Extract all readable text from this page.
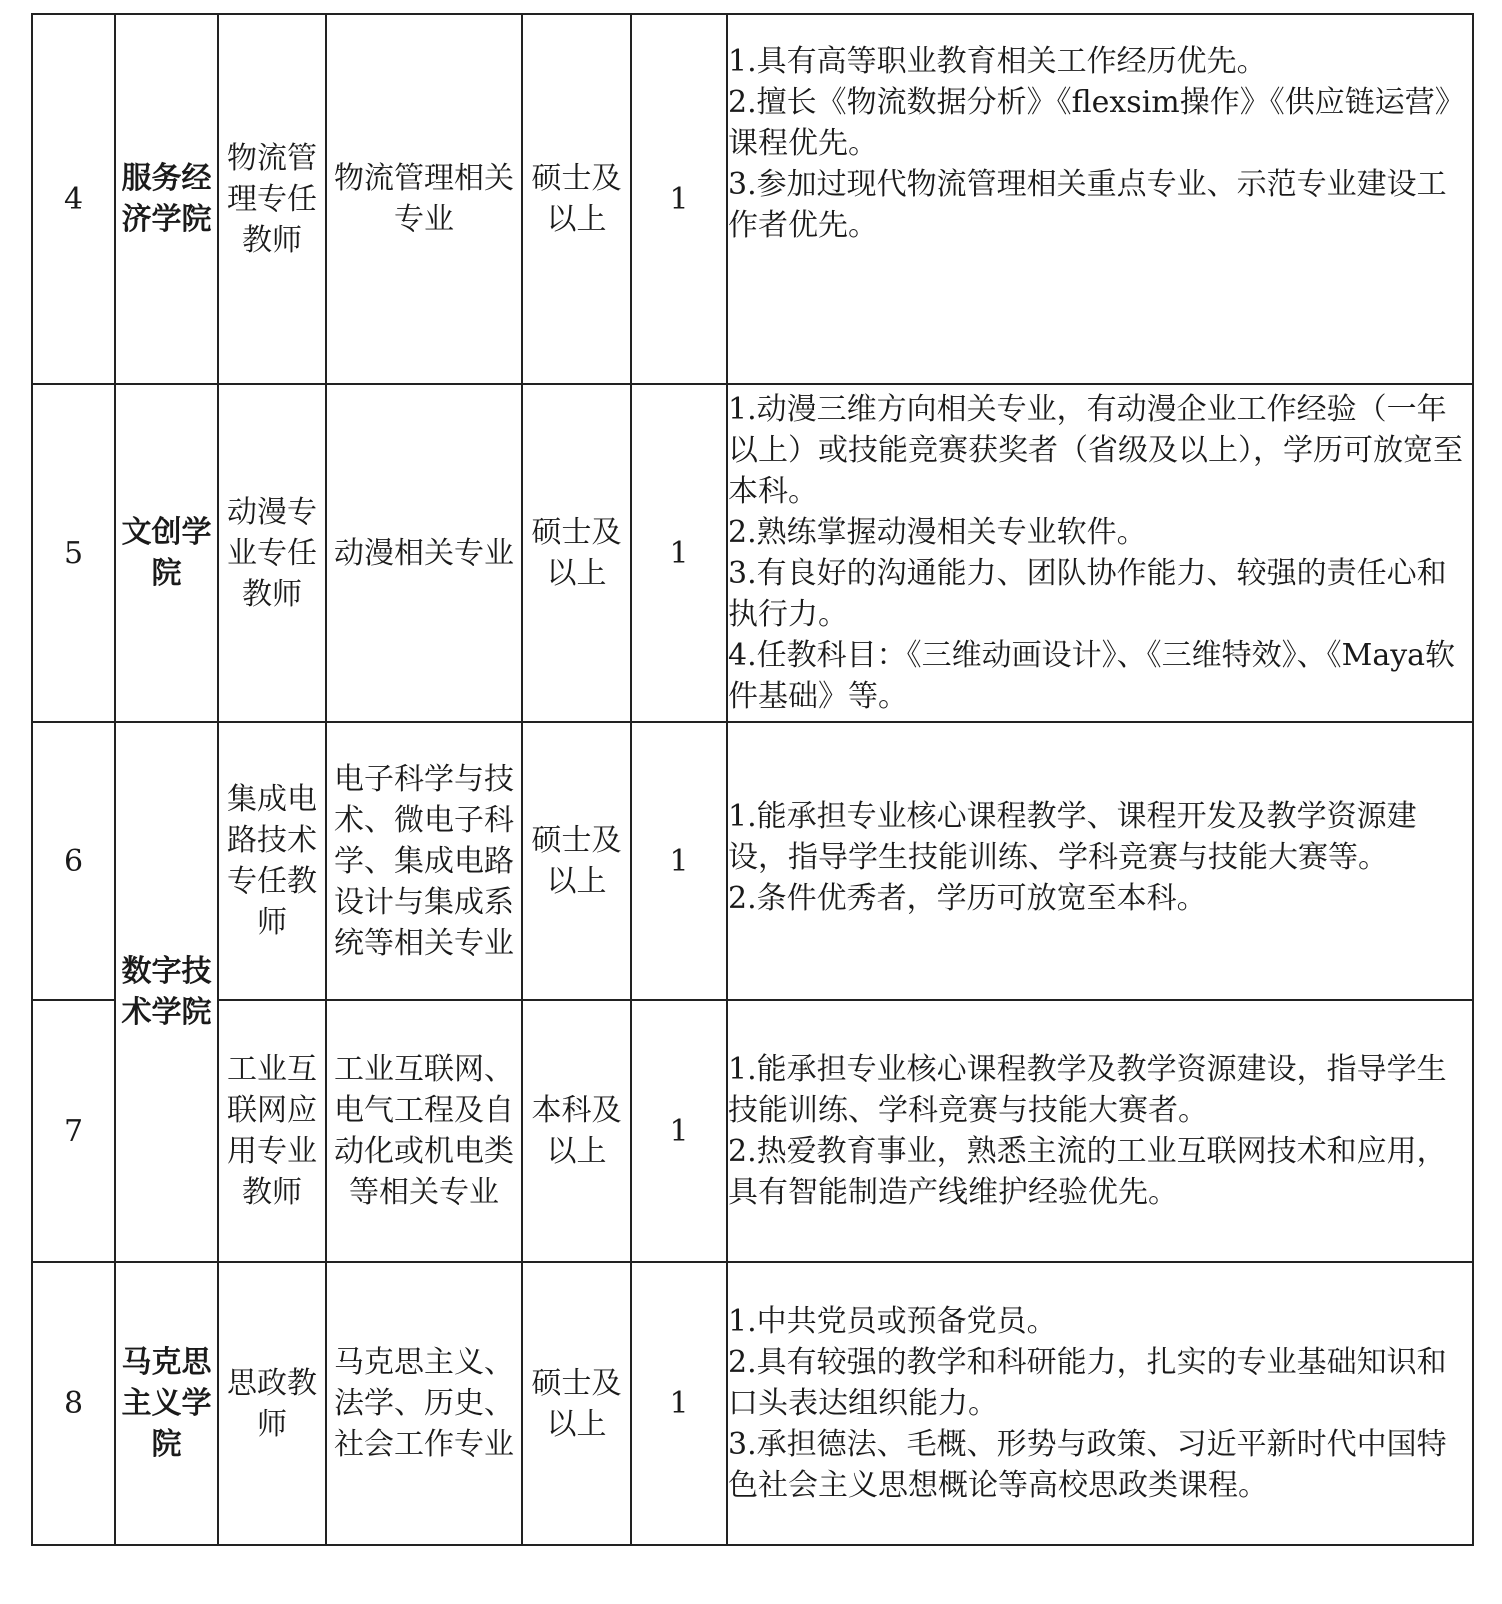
4	服务经济学院	物流管理专任教师	物流管理相关专业	硕士及以上	1	1.具有高等职业教育相关工作经历优先。
2.擅长《物流数据分析》《flexsim操作》《供应链运营》课程优先。
3.参加过现代物流管理相关重点专业、示范专业建设工作者优先。

5	文创学院	动漫专业专任教师	动漫相关专业	硕士及以上	1	1.动漫三维方向相关专业，有动漫企业工作经验（一年以上）或技能竞赛获奖者（省级及以上），学历可放宽至本科。
2.熟练掌握动漫相关专业软件。
3.有良好的沟通能力、团队协作能力、较强的责任心和执行力。
4.任教科目：《三维动画设计》、《三维特效》、《Maya软件基础》等。

6	数字技术学院	集成电路技术专任教师	电子科学与技术、微电子科学、集成电路设计与集成系统等相关专业	硕士及以上	1	1.能承担专业核心课程教学、课程开发及教学资源建设，指导学生技能训练、学科竞赛与技能大赛等。
2.条件优秀者，学历可放宽至本科。

7		工业互联网应用专业教师	工业互联网、电气工程及自动化或机电类等相关专业	本科及以上	1	1.能承担专业核心课程教学及教学资源建设，指导学生技能训练、学科竞赛与技能大赛者。
2.热爱教育事业，熟悉主流的工业互联网技术和应用，具有智能制造产线维护经验优先。

8	马克思主义学院	思政教师	马克思主义、法学、历史、社会工作专业	硕士及以上	1	1.中共党员或预备党员。
2.具有较强的教学和科研能力，扎实的专业基础知识和口头表达组织能力。
3.承担德法、毛概、形势与政策、习近平新时代中国特色社会主义思想概论等高校思政类课程。
